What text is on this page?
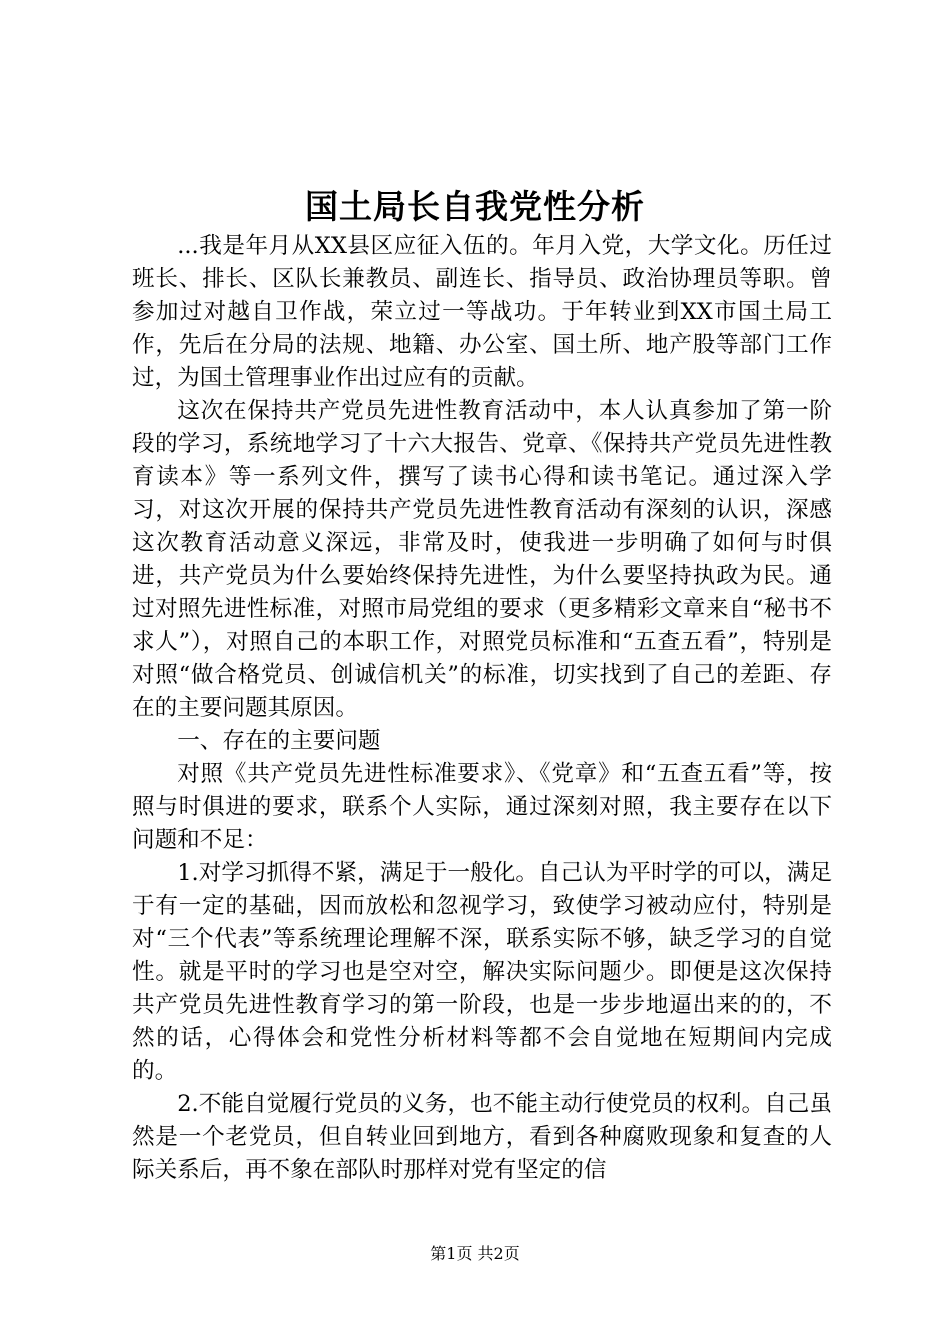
国土局长自我党性分析

...我是年月从XX县区应征入伍的。年月入党，大学文化。历任过班长、排长、区队长兼教员、副连长、指导员、政治协理员等职。曾参加过对越自卫作战，荣立过一等战功。于年转业到XX市国土局工作，先后在分局的法规、地籍、办公室、国土所、地产股等部门工作过，为国土管理事业作出过应有的贡献。

这次在保持共产党员先进性教育活动中，本人认真参加了第一阶段的学习，系统地学习了十六大报告、党章、《保持共产党员先进性教育读本》等一系列文件，撰写了读书心得和读书笔记。通过深入学习，对这次开展的保持共产党员先进性教育活动有深刻的认识，深感这次教育活动意义深远，非常及时，使我进一步明确了如何与时俱进，共产党员为什么要始终保持先进性，为什么要坚持执政为民。通过对照先进性标准，对照市局党组的要求（更多精彩文章来自“秘书不求人”），对照自己的本职工作，对照党员标准和“五查五看”，特别是对照“做合格党员、创诚信机关”的标准，切实找到了自己的差距、存在的主要问题其原因。

一、存在的主要问题

对照《共产党员先进性标准要求》、《党章》和“五查五看”等，按照与时俱进的要求，联系个人实际，通过深刻对照，我主要存在以下问题和不足：

1.对学习抓得不紧，满足于一般化。自己认为平时学的可以，满足于有一定的基础，因而放松和忽视学习，致使学习被动应付，特别是对“三个代表”等系统理论理解不深，联系实际不够，缺乏学习的自觉性。就是平时的学习也是空对空，解决实际问题少。即便是这次保持共产党员先进性教育学习的第一阶段，也是一步步地逼出来的的，不然的话，心得体会和党性分析材料等都不会自觉地在短期间内完成的。

2.不能自觉履行党员的义务，也不能主动行使党员的权利。自己虽然是一个老党员，但自转业回到地方，看到各种腐败现象和复查的人际关系后，再不象在部队时那样对党有坚定的信

第1页 共2页
